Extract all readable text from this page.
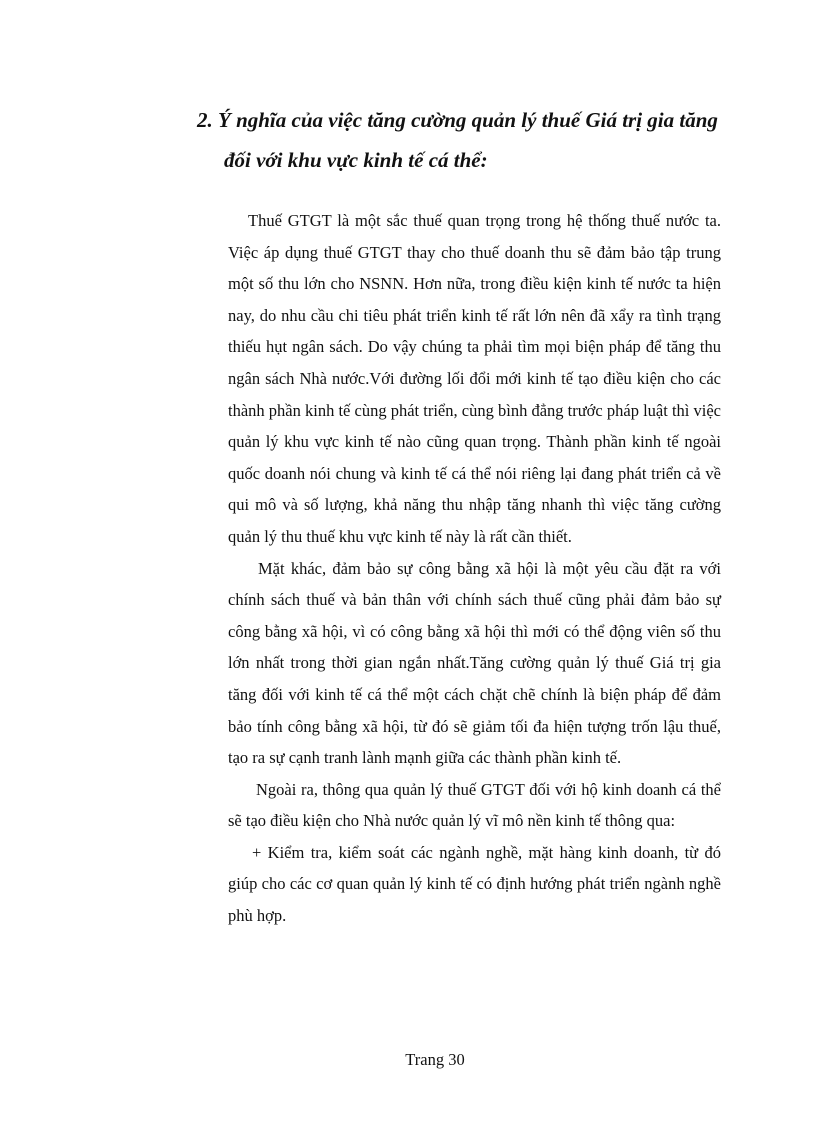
2. Ý nghĩa của việc tăng cường quản lý thuế Giá trị gia tăng
đối với khu vực kinh tế cá thể:

Thuế GTGT là một sắc thuế quan trọng trong hệ thống thuế nước ta. Việc áp dụng thuế GTGT thay cho thuế doanh thu sẽ đảm bảo tập trung một số thu lớn cho NSNN. Hơn nữa, trong điều kiện kinh tế nước ta hiện nay, do nhu cầu chi tiêu phát triển kinh tế rất lớn nên đã xẩy ra tình trạng thiếu hụt ngân sách. Do vậy chúng ta phải tìm mọi biện pháp để tăng thu ngân sách Nhà nước.Với đường lối đổi mới kinh tế tạo điều kiện cho các thành phần kinh tế cùng phát triển, cùng bình đẳng trước pháp luật thì việc quản lý khu vực kinh tế nào cũng quan trọng. Thành phần kinh tế ngoài quốc doanh nói chung và kinh tế cá thể nói riêng lại đang phát triển cả về qui mô và số lượng, khả năng thu nhập tăng nhanh thì việc tăng cường quản lý thu thuế khu vực kinh tế này là rất cần thiết.

Mặt khác, đảm bảo sự công bằng xã hội là một yêu cầu đặt ra với chính sách thuế và bản thân với chính sách thuế cũng phải đảm bảo sự công bằng xã hội, vì có công bằng xã hội thì mới có thể động viên số thu lớn nhất trong thời gian ngắn nhất.Tăng cường quản lý thuế Giá trị gia tăng đối với kinh tế cá thể một cách chặt chẽ chính là biện pháp để đảm bảo tính công bằng xã hội, từ đó sẽ giảm tối đa hiện tượng trốn lậu thuế, tạo ra sự cạnh tranh lành mạnh giữa các thành phần kinh tế.

Ngoài ra, thông qua quản lý thuế GTGT đối với hộ kinh doanh cá thể sẽ tạo điều kiện cho Nhà nước quản lý vĩ mô nền kinh tế thông qua:

+ Kiểm tra, kiểm soát các ngành nghề, mặt hàng kinh doanh, từ đó giúp cho các cơ quan quản lý kinh tế có định hướng phát triển ngành nghề phù hợp.

Trang 30
